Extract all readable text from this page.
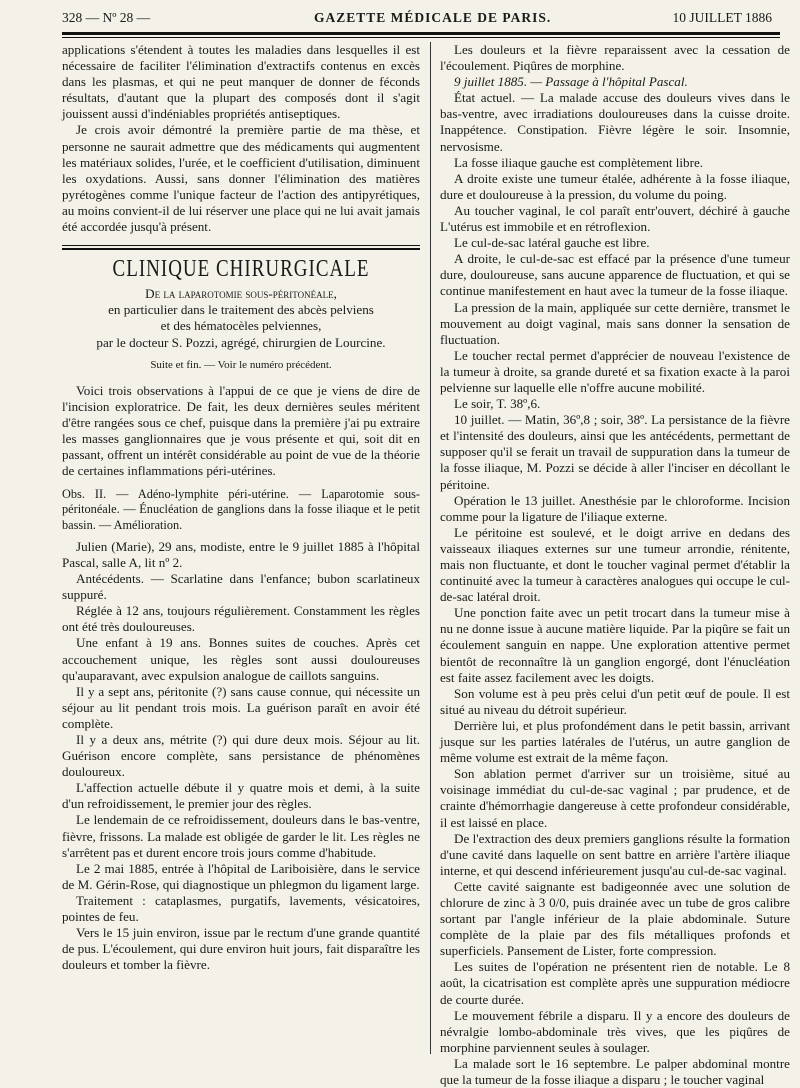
328 — Nº 28 —	GAZETTE MÉDICALE DE PARIS.	10 JUILLET 1886

applications s'étendent à toutes les maladies dans lesquelles il est nécessaire de faciliter l'élimination d'extractifs contenus en excès dans les plasmas, et qui ne peut manquer de donner de féconds résultats, d'autant que la plupart des composés dont il s'agit jouissent aussi d'indéniables propriétés antiseptiques.

Je crois avoir démontré la première partie de ma thèse, et personne ne saurait admettre que des médicaments qui augmentent les matériaux solides, l'urée, et le coefficient d'utilisation, diminuent les oxydations. Aussi, sans donner l'élimination des matières pyrétogènes comme l'unique facteur de l'action des antipyrétiques, au moins convient-il de lui réserver une place qui ne lui avait jamais été accordée jusqu'à présent.

CLINIQUE CHIRURGICALE

De la laparotomie sous-péritonéale,

en particulier dans le traitement des abcès pelviens

et des hématocèles pelviennes,

par le docteur S. Pozzi, agrégé, chirurgien de Lourcine.

Suite et fin. — Voir le numéro précédent.

Voici trois observations à l'appui de ce que je viens de dire de l'incision exploratrice. De fait, les deux dernières seules méritent d'être rangées sous ce chef, puisque dans la première j'ai pu extraire les masses ganglionnaires que je vous présente et qui, soit dit en passant, offrent un intérêt considérable au point de vue de la théorie de certaines inflammations péri-utérines.

Obs. II. — Adéno-lymphite péri-utérine. — Laparotomie sous-péritonéale. — Énucléation de ganglions dans la fosse iliaque et le petit bassin. — Amélioration.

Julien (Marie), 29 ans, modiste, entre le 9 juillet 1885 à l'hôpital Pascal, salle A, lit nº 2.

Antécédents. — Scarlatine dans l'enfance; bubon scarlatineux suppuré.

Réglée à 12 ans, toujours régulièrement. Constamment les règles ont été très douloureuses.

Une enfant à 19 ans. Bonnes suites de couches. Après cet accouchement unique, les règles sont aussi douloureuses qu'auparavant, avec expulsion analogue de caillots sanguins.

Il y a sept ans, péritonite (?) sans cause connue, qui nécessite un séjour au lit pendant trois mois. La guérison paraît en avoir été complète.

Il y a deux ans, métrite (?) qui dure deux mois. Séjour au lit. Guérison encore complète, sans persistance de phénomènes douloureux.

L'affection actuelle débute il y quatre mois et demi, à la suite d'un refroidissement, le premier jour des règles.

Le lendemain de ce refroidissement, douleurs dans le bas-ventre, fièvre, frissons. La malade est obligée de garder le lit. Les règles ne s'arrêtent pas et durent encore trois jours comme d'habitude.

Le 2 mai 1885, entrée à l'hôpital de Lariboisière, dans le service de M. Gérin-Rose, qui diagnostique un phlegmon du ligament large.

Traitement : cataplasmes, purgatifs, lavements, vésicatoires, pointes de feu.

Vers le 15 juin environ, issue par le rectum d'une grande quantité de pus. L'écoulement, qui dure environ huit jours, fait disparaître les douleurs et tomber la fièvre.

Les douleurs et la fièvre reparaissent avec la cessation de l'écoulement. Piqûres de morphine.

9 juillet 1885. — Passage à l'hôpital Pascal.

État actuel. — La malade accuse des douleurs vives dans le bas-ventre, avec irradiations douloureuses dans la cuisse droite. Inappétence. Constipation. Fièvre légère le soir. Insomnie, nervosisme.

La fosse iliaque gauche est complètement libre.

A droite existe une tumeur étalée, adhérente à la fosse iliaque, dure et douloureuse à la pression, du volume du poing.

Au toucher vaginal, le col paraît entr'ouvert, déchiré à gauche L'utérus est immobile et en rétroflexion.

Le cul-de-sac latéral gauche est libre.

A droite, le cul-de-sac est effacé par la présence d'une tumeur dure, douloureuse, sans aucune apparence de fluctuation, et qui se continue manifestement en haut avec la tumeur de la fosse iliaque.

La pression de la main, appliquée sur cette dernière, transmet le mouvement au doigt vaginal, mais sans donner la sensation de fluctuation.

Le toucher rectal permet d'apprécier de nouveau l'existence de la tumeur à droite, sa grande dureté et sa fixation exacte à la paroi pelvienne sur laquelle elle n'offre aucune mobilité.

Le soir, T. 38º,6.

10 juillet. — Matin, 36º,8 ; soir, 38º. La persistance de la fièvre et l'intensité des douleurs, ainsi que les antécédents, permettant de supposer qu'il se ferait un travail de suppuration dans la tumeur de la fosse iliaque, M. Pozzi se décide à aller l'inciser en décollant le péritoine.

Opération le 13 juillet. Anesthésie par le chloroforme. Incision comme pour la ligature de l'iliaque externe.

Le péritoine est soulevé, et le doigt arrive en dedans des vaisseaux iliaques externes sur une tumeur arrondie, rénitente, mais non fluctuante, et dont le toucher vaginal permet d'établir la continuité avec la tumeur à caractères analogues qui occupe le cul-de-sac latéral droit.

Une ponction faite avec un petit trocart dans la tumeur mise à nu ne donne issue à aucune matière liquide. Par la piqûre se fait un écoulement sanguin en nappe. Une exploration attentive permet bientôt de reconnaître là un ganglion engorgé, dont l'énucléation est faite assez facilement avec les doigts.

Son volume est à peu près celui d'un petit œuf de poule. Il est situé au niveau du détroit supérieur.

Derrière lui, et plus profondément dans le petit bassin, arrivant jusque sur les parties latérales de l'utérus, un autre ganglion de même volume est extrait de la même façon.

Son ablation permet d'arriver sur un troisième, situé au voisinage immédiat du cul-de-sac vaginal ; par prudence, et de crainte d'hémorrhagie dangereuse à cette profondeur considérable, il est laissé en place.

De l'extraction des deux premiers ganglions résulte la formation d'une cavité dans laquelle on sent battre en arrière l'artère iliaque interne, et qui descend inférieurement jusqu'au cul-de-sac vaginal.

Cette cavité saignante est badigeonnée avec une solution de chlorure de zinc à 3 0/0, puis drainée avec un tube de gros calibre sortant par l'angle inférieur de la plaie abdominale. Suture complète de la plaie par des fils métalliques profonds et superficiels. Pansement de Lister, forte compression.

Les suites de l'opération ne présentent rien de notable. Le 8 août, la cicatrisation est complète après une suppuration médiocre de courte durée.

Le mouvement fébrile a disparu. Il y a encore des douleurs de névralgie lombo-abdominale très vives, que les piqûres de morphine parviennent seules à soulager.

La malade sort le 16 septembre. Le palper abdominal montre que la tumeur de la fosse iliaque a disparu ; le toucher vaginal
